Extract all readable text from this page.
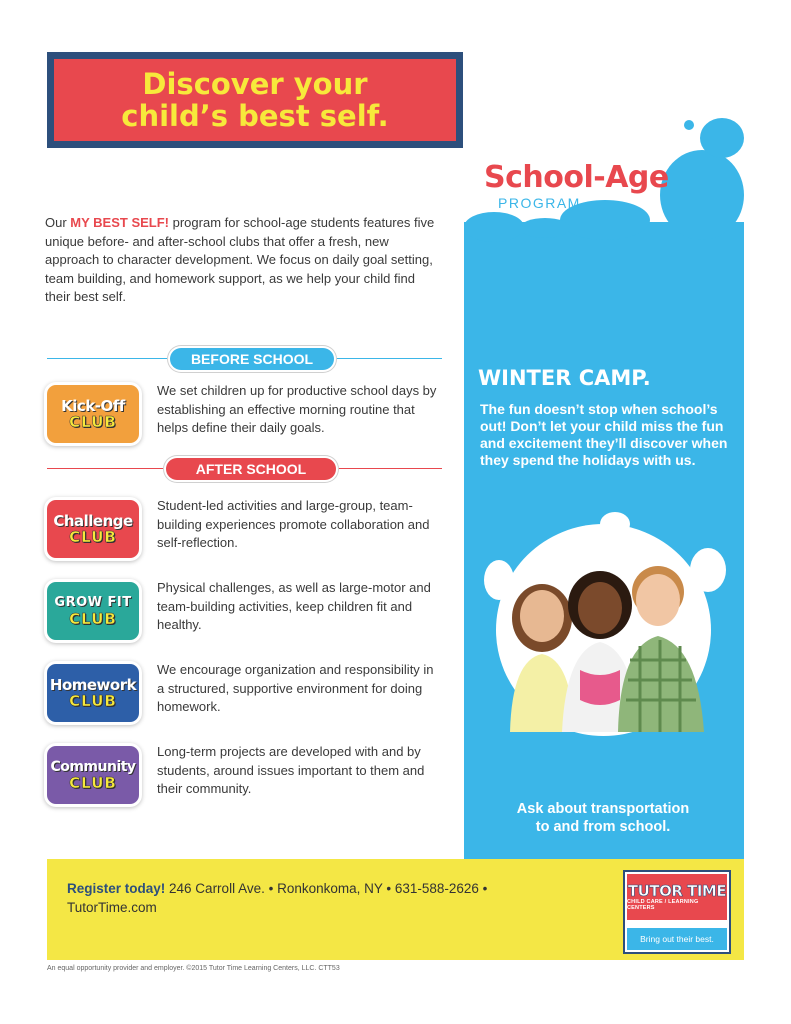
Discover your
child’s best self.
Our MY BEST SELF! program for school-age students features five unique before- and after-school clubs that offer a fresh, new approach to character development. We focus on daily goal setting, team building, and homework support, as we help your child find their best self.
BEFORE SCHOOL
Kick-Off
CLUB
We set children up for productive school days by establishing an effective morning routine that helps define their daily goals.
AFTER SCHOOL
Challenge
CLUB
Student-led activities and large-group, team-building experiences promote collaboration and self-reflection.
GROW FIT
CLUB
Physical challenges, as well as large-motor and team-building activities, keep children fit and healthy.
Homework
CLUB
We encourage organization and responsibility in a structured, supportive environment for doing homework.
Community
CLUB
Long-term projects are developed with and by students, around issues important to them and their community.
School-Age
PROGRAM
WINTER CAMP.
The fun doesn’t stop when school’s out! Don’t let your child miss the fun and excitement they’ll discover when they spend the holidays with us.
Ask about transportation
to and from school.
Register today! 246 Carroll Ave. • Ronkonkoma, NY • 631-588-2626 •
TutorTime.com
TUTOR TIME
CHILD CARE / LEARNING CENTERS
Bring out their best.
An equal opportunity provider and employer. ©2015 Tutor Time Learning Centers, LLC. CTT53
